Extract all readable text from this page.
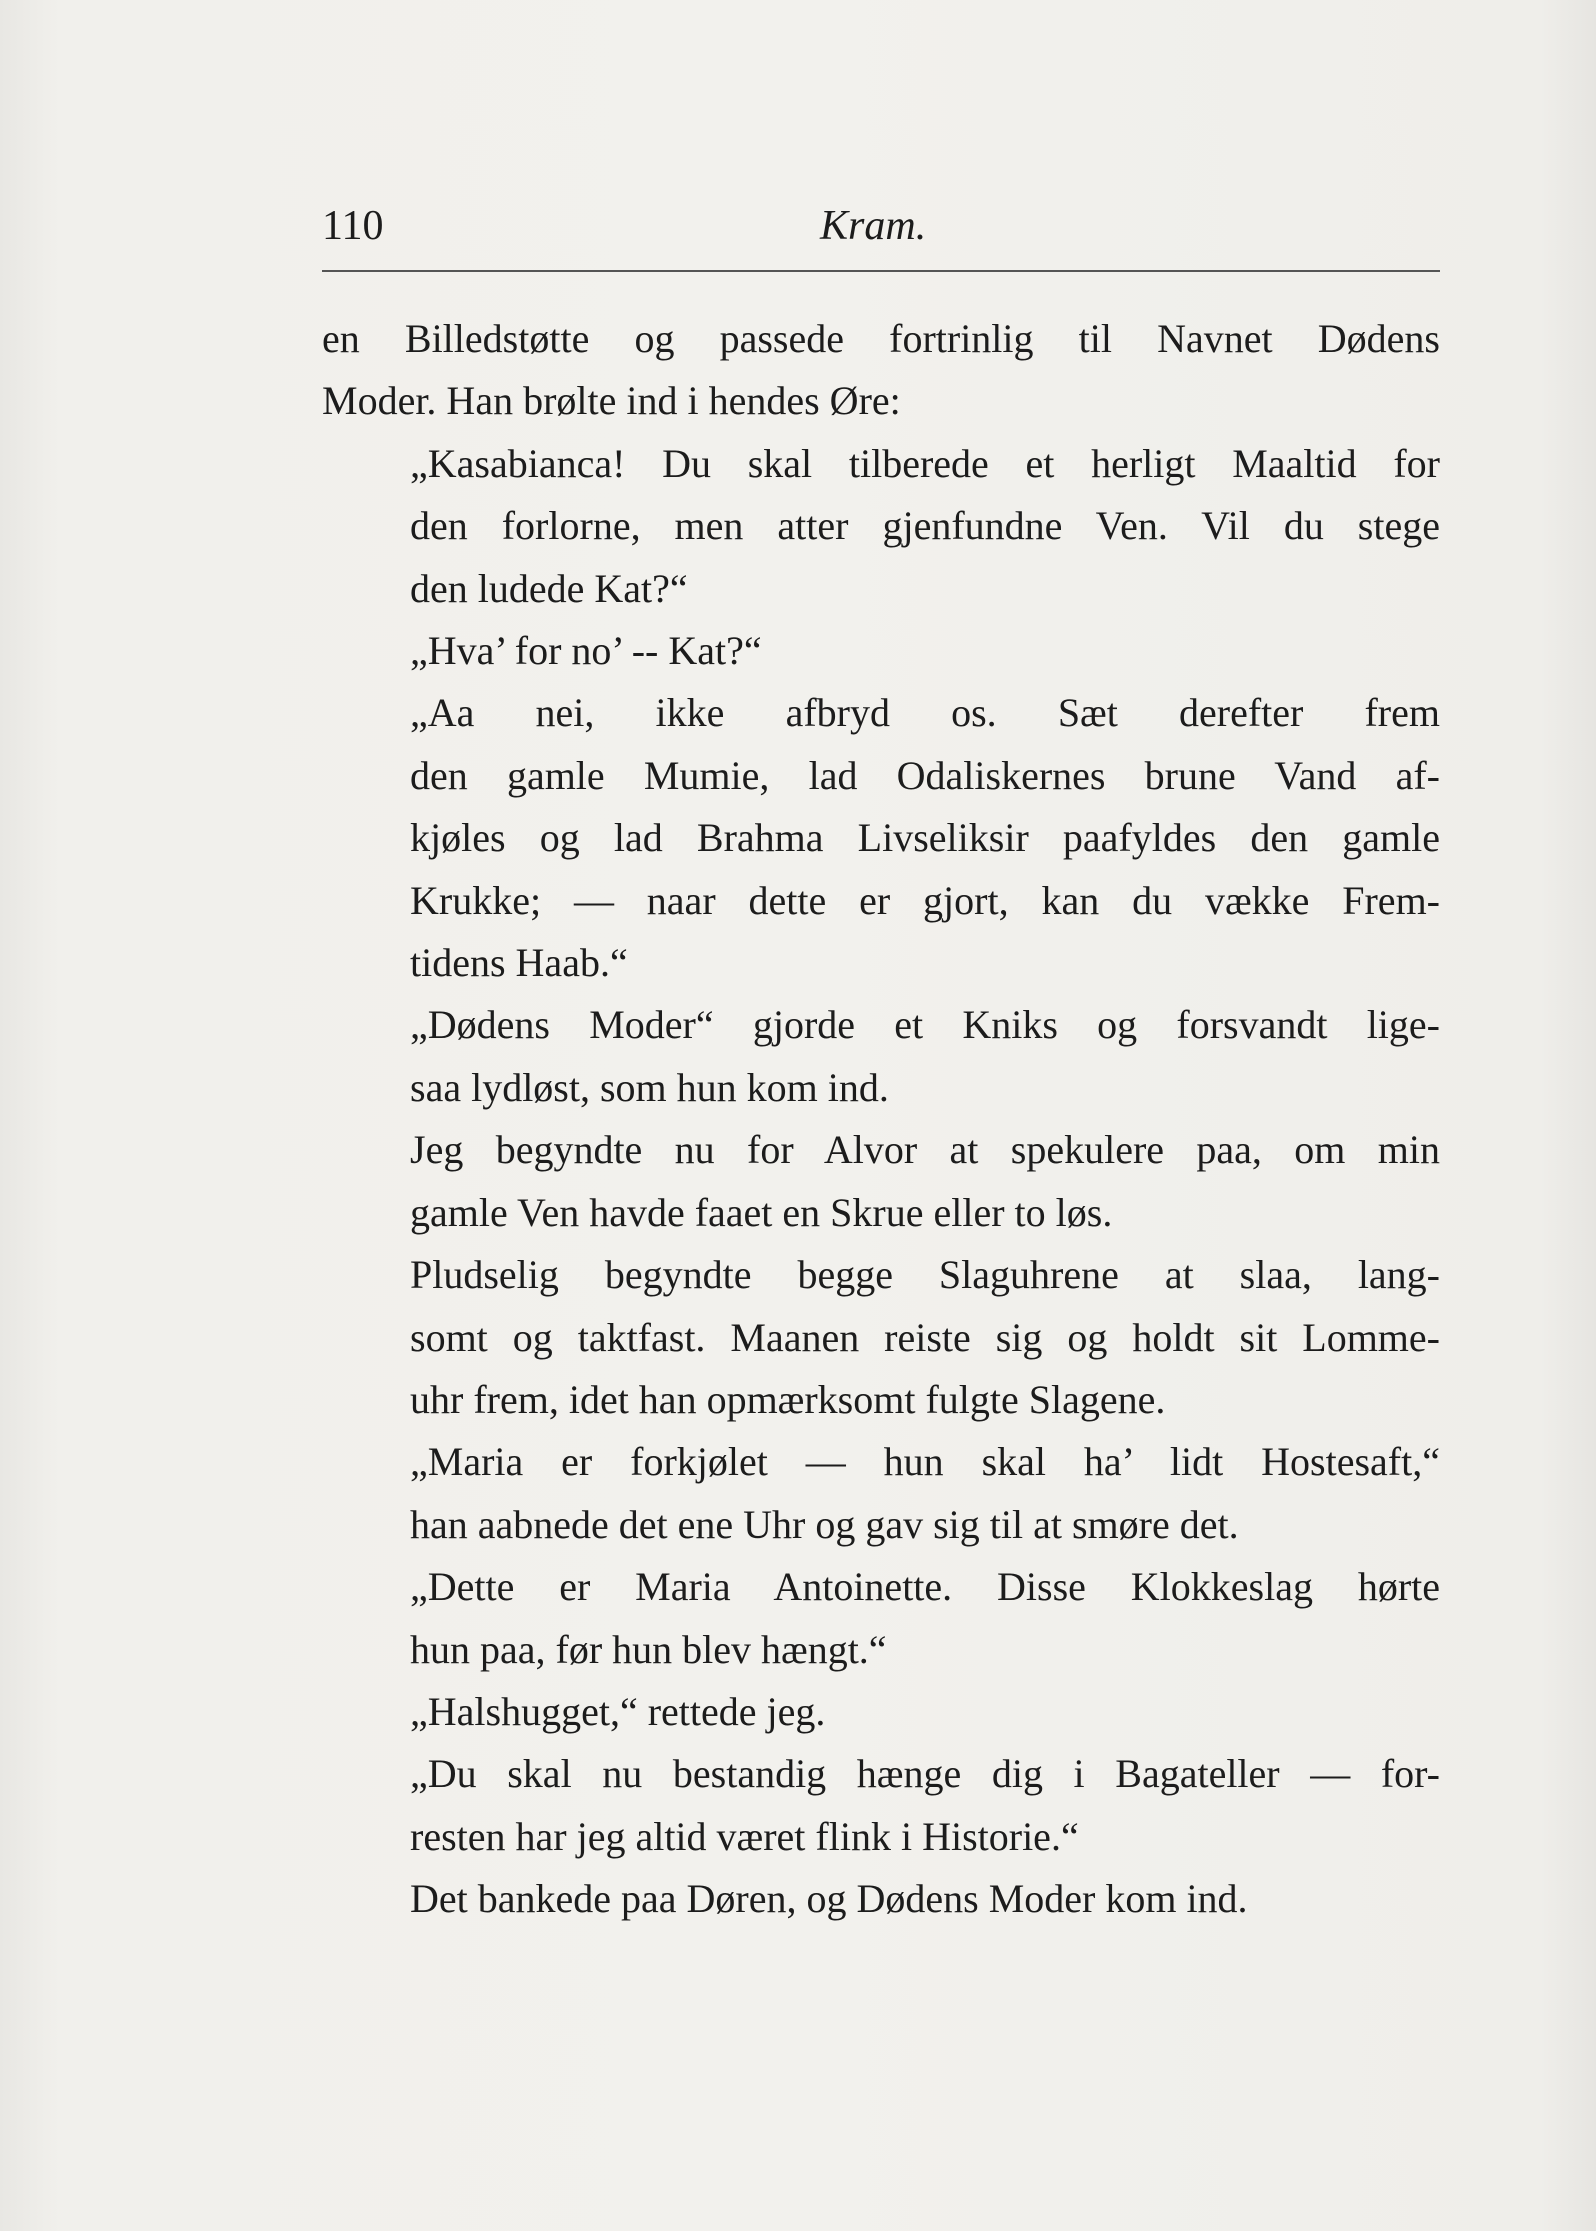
110	Kram.

en Billedstøtte og passede fortrinlig til Navnet Dødens
Moder. Han brølte ind i hendes Øre:

„Kasabianca! Du skal tilberede et herligt Maaltid for
den forlorne, men atter gjenfundne Ven. Vil du stege
den ludede Kat?“

„Hva’ for no’ -- Kat?“

„Aa nei, ikke afbryd os. Sæt derefter frem
den gamle Mumie, lad Odaliskernes brune Vand af-
kjøles og lad Brahma Livseliksir paafyldes den gamle
Krukke; — naar dette er gjort, kan du vække Frem-
tidens Haab.“

„Dødens Moder“ gjorde et Kniks og forsvandt lige-
saa lydløst, som hun kom ind.

Jeg begyndte nu for Alvor at spekulere paa, om min
gamle Ven havde faaet en Skrue eller to løs.

Pludselig begyndte begge Slaguhrene at slaa, lang-
somt og taktfast. Maanen reiste sig og holdt sit Lomme-
uhr frem, idet han opmærksomt fulgte Slagene.

„Maria er forkjølet — hun skal ha’ lidt Hostesaft,“
han aabnede det ene Uhr og gav sig til at smøre det.

„Dette er Maria Antoinette. Disse Klokkeslag hørte
hun paa, før hun blev hængt.“

„Halshugget,“ rettede jeg.

„Du skal nu bestandig hænge dig i Bagateller — for-
resten har jeg altid været flink i Historie.“

Det bankede paa Døren, og Dødens Moder kom ind.
